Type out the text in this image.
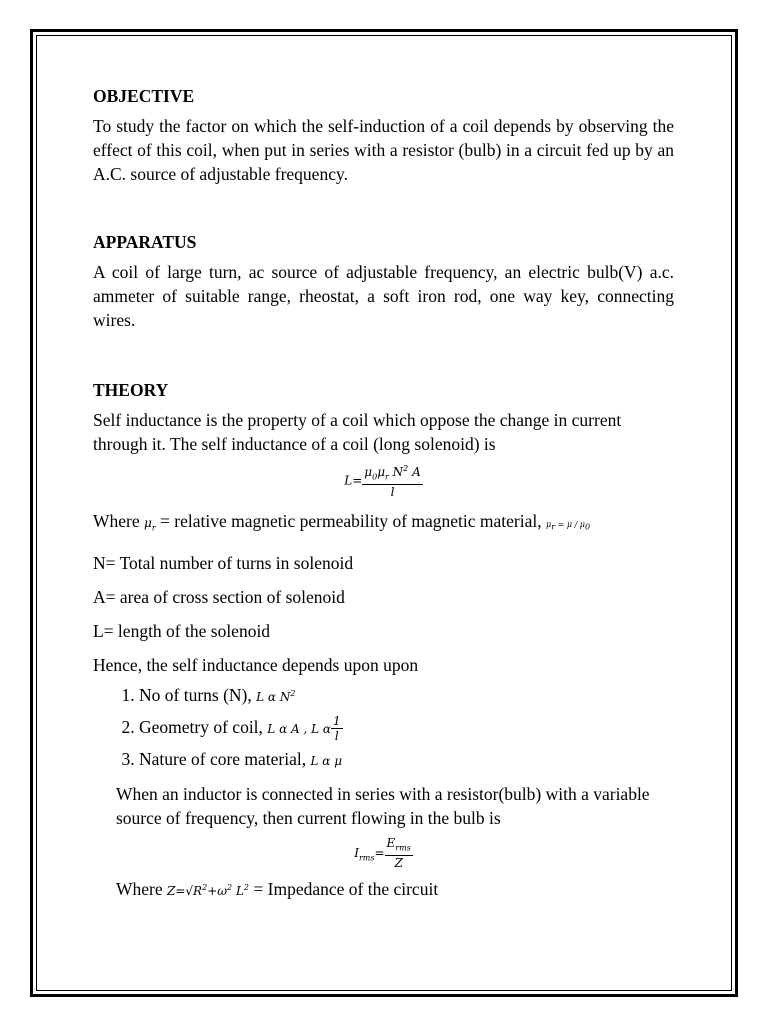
OBJECTIVE

To study the factor on which the self-induction of a coil depends by observing the effect of this coil, when put in series with a resistor (bulb) in a circuit fed up by an A.C. source of adjustable frequency.

APPARATUS

A coil of large turn, ac source of adjustable frequency, an electric bulb(V) a.c. ammeter of suitable range, rheostat, a soft iron rod, one way key, connecting wires.

THEORY

Self inductance is the property of a coil which oppose the change in current through it. The self inductance of a coil (long solenoid) is

$L= \frac{\mu_0\mu_r N^2 A}{l}$

Where $\mu_r$ = relative magnetic permeability of magnetic material, $\mu_r = \mu / \mu_0$

N= Total number of turns in solenoid

A= area of cross section of solenoid

L= length of the solenoid

Hence, the self inductance depends upon upon

1. No of turns (N), L α $N^2$
2. Geometry of coil, L α A , L α $\frac{1}{l}$
3. Nature of core material, L α μ

When an inductor is connected in series with a resistor(bulb) with a variable source of frequency, then current flowing in the bulb is

$I_{rms}= \frac{E_{rms}}{Z}$

Where $Z=√R^2+\omega^2$ $L^2$ = Impedance of the circuit
